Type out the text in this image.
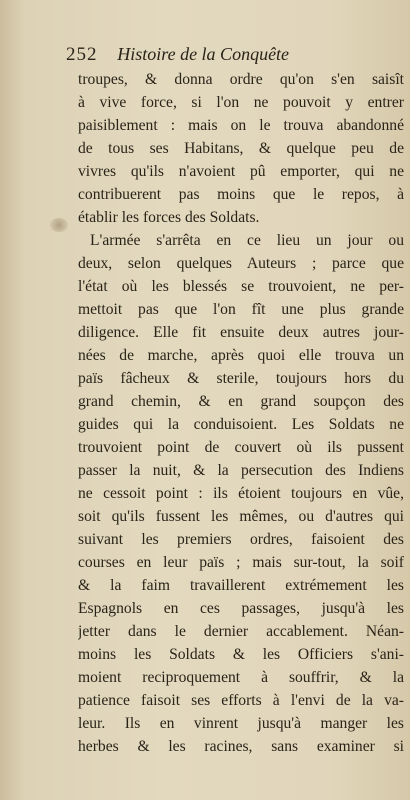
252 Histoire de la Conquête
troupes, & donna ordre qu'on s'en saisît
à vive force, si l'on ne pouvoit y entrer
paisiblement : mais on le trouva abandonné
de tous ses Habitans, & quelque peu de
vivres qu'ils n'avoient pû emporter, qui ne
contribuerent pas moins que le repos, à
établir les forces des Soldats.
L'armée s'arrêta en ce lieu un jour ou
deux, selon quelques Auteurs ; parce que
l'état où les blessés se trouvoient, ne per-
mettoit pas que l'on fît une plus grande
diligence. Elle fit ensuite deux autres jour-
nées de marche, après quoi elle trouva un
païs fâcheux & sterile, toujours hors du
grand chemin, & en grand soupçon des
guides qui la conduisoient. Les Soldats ne
trouvoient point de couvert où ils pussent
passer la nuit, & la persecution des Indiens
ne cessoit point : ils étoient toujours en vûe,
soit qu'ils fussent les mêmes, ou d'autres qui
suivant les premiers ordres, faisoient des
courses en leur païs ; mais sur-tout, la soif
& la faim travaillerent extrémement les
Espagnols en ces passages, jusqu'à les
jetter dans le dernier accablement. Néan-
moins les Soldats & les Officiers s'ani-
moient reciproquement à souffrir, & la
patience faisoit ses efforts à l'envi de la va-
leur. Ils en vinrent jusqu'à manger les
herbes & les racines, sans examiner si
